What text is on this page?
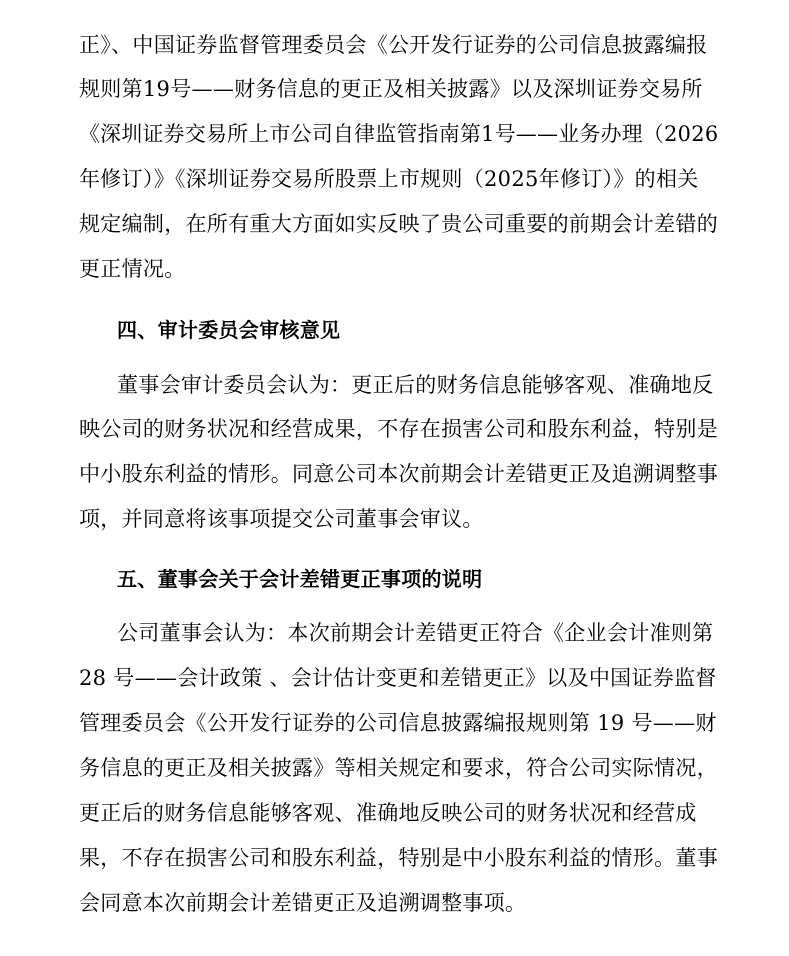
正》、中国证券监督管理委员会《公开发行证券的公司信息披露编报
规则第19号——财务信息的更正及相关披露》以及深圳证券交易所
《深圳证券交易所上市公司自律监管指南第1号——业务办理（2026
年修订）》《深圳证券交易所股票上市规则（2025年修订）》的相关
规定编制，在所有重大方面如实反映了贵公司重要的前期会计差错的
更正情况。
四、审计委员会审核意见
董事会审计委员会认为：更正后的财务信息能够客观、准确地反
映公司的财务状况和经营成果，不存在损害公司和股东利益，特别是
中小股东利益的情形。同意公司本次前期会计差错更正及追溯调整事
项，并同意将该事项提交公司董事会审议。
五、董事会关于会计差错更正事项的说明
公司董事会认为：本次前期会计差错更正符合《企业会计准则第
28 号——会计政策 、会计估计变更和差错更正》以及中国证券监督
管理委员会《公开发行证券的公司信息披露编报规则第 19 号——财
务信息的更正及相关披露》等相关规定和要求，符合公司实际情况，
更正后的财务信息能够客观、准确地反映公司的财务状况和经营成
果，不存在损害公司和股东利益，特别是中小股东利益的情形。董事
会同意本次前期会计差错更正及追溯调整事项。
